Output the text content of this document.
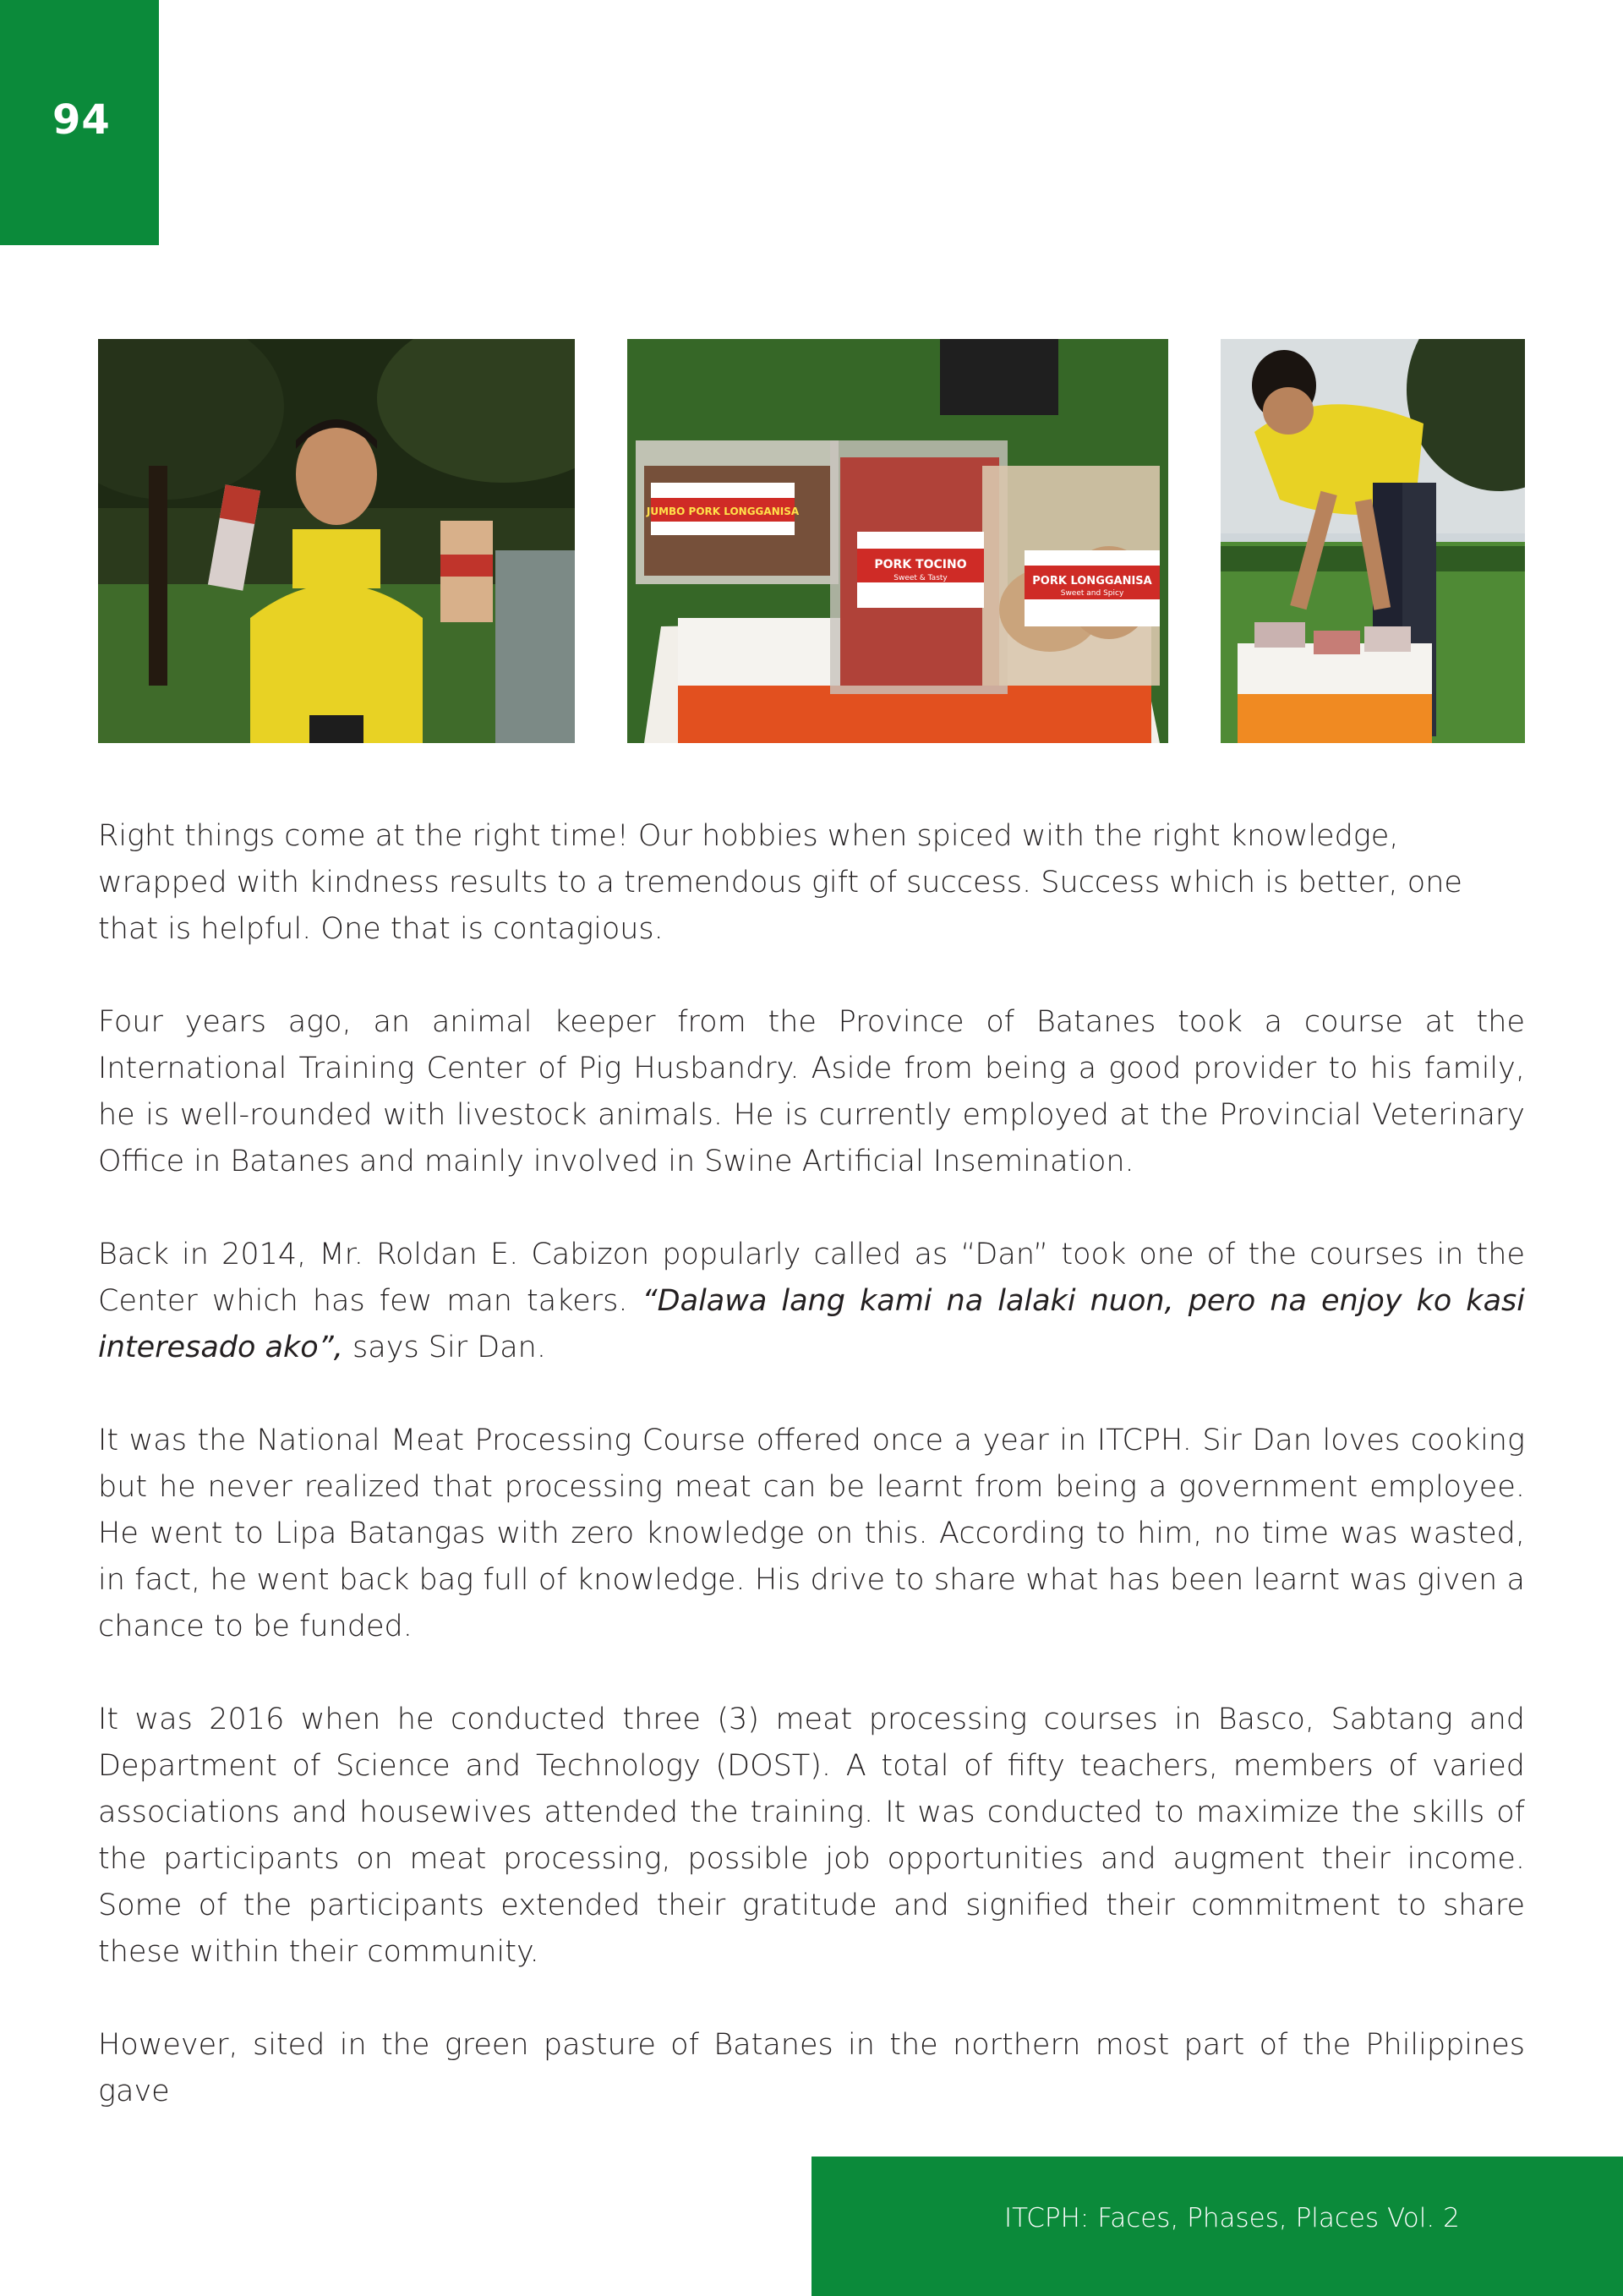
94
JUMBO PORK LONGGANISA
PORK TOCINO
Sweet & Tasty	PORK LONGGANISA
Sweet and Spicy

Right things come at the right time! Our hobbies when spiced with the right knowledge, wrapped with kindness results to a tremendous gift of success. Success which is better, one that is helpful. One that is contagious.

Four years ago, an animal keeper from the Province of Batanes took a course at the International Training Center of Pig Husbandry. Aside from being a good provider to his family, he is well-rounded with livestock animals. He is currently employed at the Provincial Veterinary Office in Batanes and mainly involved in Swine Artificial Insemination.

Back in 2014, Mr. Roldan E. Cabizon popularly called as “Dan” took one of the courses in the Center which has few man takers. “Dalawa lang kami na lalaki nuon, pero na enjoy ko kasi interesado ako”, says Sir Dan.

It was the National Meat Processing Course offered once a year in ITCPH. Sir Dan loves cooking but he never realized that processing meat can be learnt from being a government employee. He went to Lipa Batangas with zero knowledge on this. According to him, no time was wasted, in fact, he went back bag full of knowledge. His drive to share what has been learnt was given a chance to be funded.

It was 2016 when he conducted three (3) meat processing courses in Basco, Sabtang and Department of Science and Technology (DOST). A total of fifty teachers, members of varied associations and housewives attended the training. It was conducted to maximize the skills of the participants on meat processing, possible job opportunities and augment their income. Some of the participants extended their gratitude and signified their commitment to share these within their community.

However, sited in the green pasture of Batanes in the northern most part of the Philippines gave

ITCPH: Faces, Phases, Places Vol. 2
